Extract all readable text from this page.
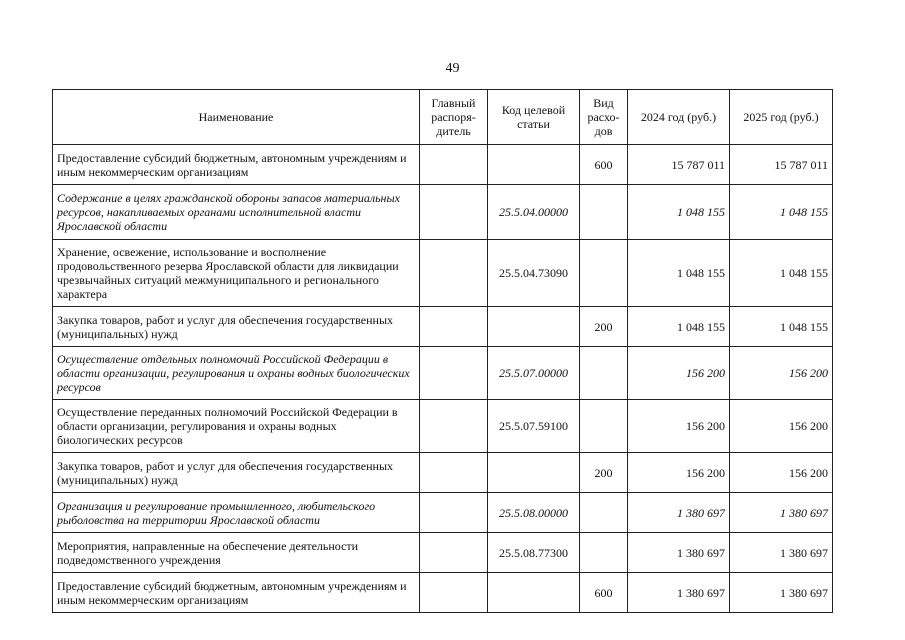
49
Наименование	Главный распоря-дитель	Код целевой статьи	Вид расхо-дов	2024 год (руб.)	2025 год (руб.)
Предоставление субсидий бюджетным, автономным учреждениям и иным некоммерческим организациям			600	15 787 011	15 787 011
Содержание в целях гражданской обороны запасов материальных ресурсов, накапливаемых органами исполнительной власти Ярославской области		25.5.04.00000		1 048 155	1 048 155
Хранение, освежение, использование и восполнение продовольственного резерва Ярославской области для ликвидации чрезвычайных ситуаций межмуниципального и регионального характера		25.5.04.73090		1 048 155	1 048 155
Закупка товаров, работ и услуг для обеспечения государственных (муниципальных) нужд			200	1 048 155	1 048 155
Осуществление отдельных полномочий Российской Федерации в области организации, регулирования и охраны водных биологических ресурсов		25.5.07.00000		156 200	156 200
Осуществление переданных полномочий Российской Федерации в области организации, регулирования и охраны водных биологических ресурсов		25.5.07.59100		156 200	156 200
Закупка товаров, работ и услуг для обеспечения государственных (муниципальных) нужд			200	156 200	156 200
Организация и регулирование промышленного, любительского рыболовства на территории Ярославской области		25.5.08.00000		1 380 697	1 380 697
Мероприятия, направленные на обеспечение деятельности подведомственного учреждения		25.5.08.77300		1 380 697	1 380 697
Предоставление субсидий бюджетным, автономным учреждениям и иным некоммерческим организациям			600	1 380 697	1 380 697
